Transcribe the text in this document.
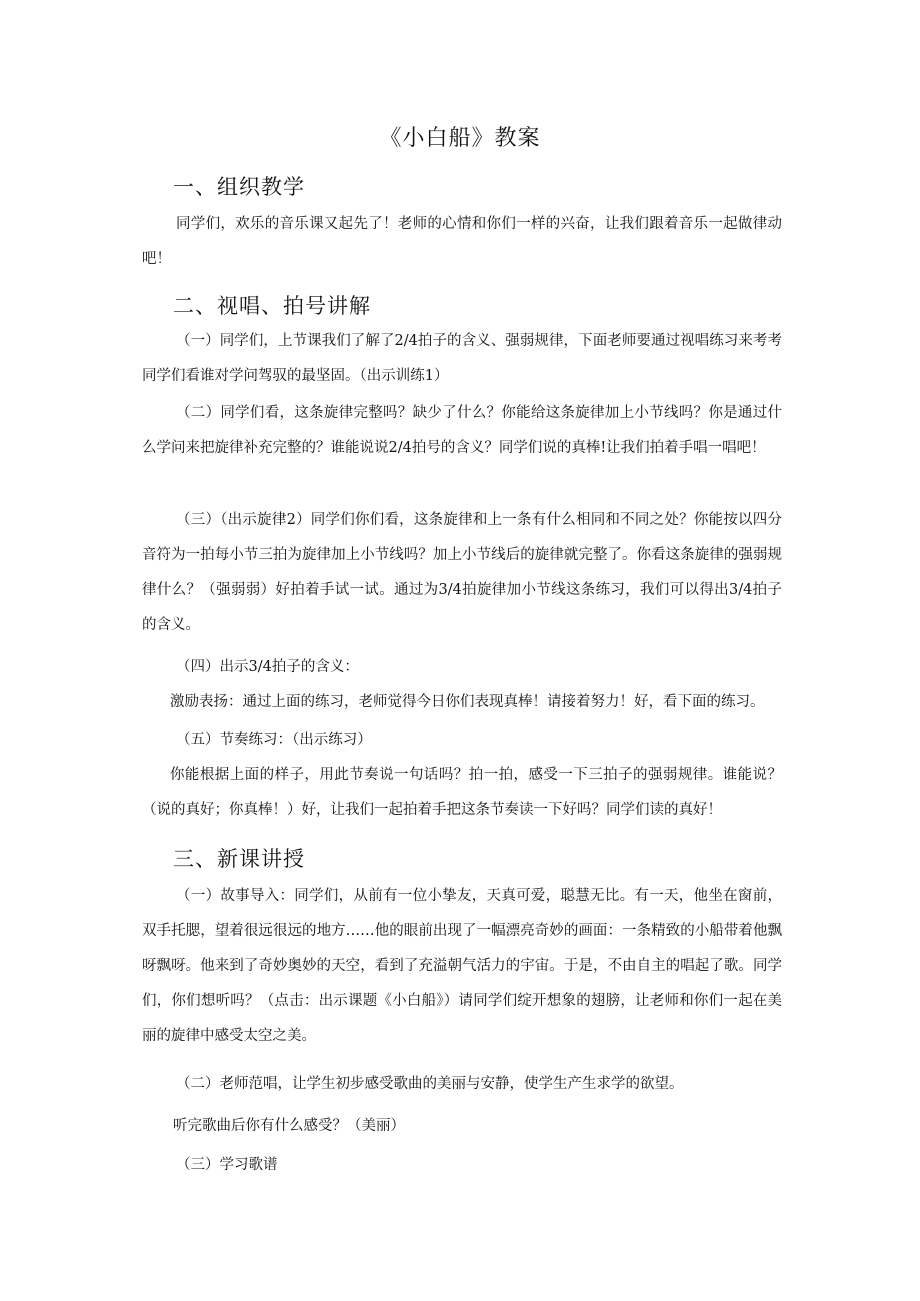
《小白船》教案
一、组织教学

同学们，欢乐的音乐课又起先了！老师的心情和你们一样的兴奋，让我们跟着音乐一起做律动吧！

二、视唱、拍号讲解

（一）同学们，上节课我们了解了2/4拍子的含义、强弱规律，下面老师要通过视唱练习来考考同学们看谁对学问驾驭的最坚固。（出示训练1）

（二）同学们看，这条旋律完整吗？缺少了什么？你能给这条旋律加上小节线吗？你是通过什么学问来把旋律补充完整的？谁能说说2/4拍号的含义？同学们说的真棒!让我们拍着手唱一唱吧！

（三）（出示旋律2）同学们你们看，这条旋律和上一条有什么相同和不同之处？你能按以四分音符为一拍每小节三拍为旋律加上小节线吗？加上小节线后的旋律就完整了。你看这条旋律的强弱规律什么？（强弱弱）好拍着手试一试。通过为3/4拍旋律加小节线这条练习，我们可以得出3/4拍子的含义。

（四）出示3/4拍子的含义：

激励表扬：通过上面的练习，老师觉得今日你们表现真棒！请接着努力！好，看下面的练习。

（五）节奏练习：（出示练习）

你能根据上面的样子，用此节奏说一句话吗？拍一拍，感受一下三拍子的强弱规律。谁能说？（说的真好；你真棒！）好，让我们一起拍着手把这条节奏读一下好吗？同学们读的真好！

三、新课讲授

（一）故事导入：同学们，从前有一位小挚友，天真可爱，聪慧无比。有一天，他坐在窗前，双手托腮，望着很远很远的地方……他的眼前出现了一幅漂亮奇妙的画面：一条精致的小船带着他飘呀飘呀。他来到了奇妙奥妙的天空，看到了充溢朝气活力的宇宙。于是，不由自主的唱起了歌。同学们，你们想听吗？（点击：出示课题《小白船》）请同学们绽开想象的翅膀，让老师和你们一起在美丽的旋律中感受太空之美。

（二）老师范唱，让学生初步感受歌曲的美丽与安静，使学生产生求学的欲望。

听完歌曲后你有什么感受？（美丽）

（三）学习歌谱
